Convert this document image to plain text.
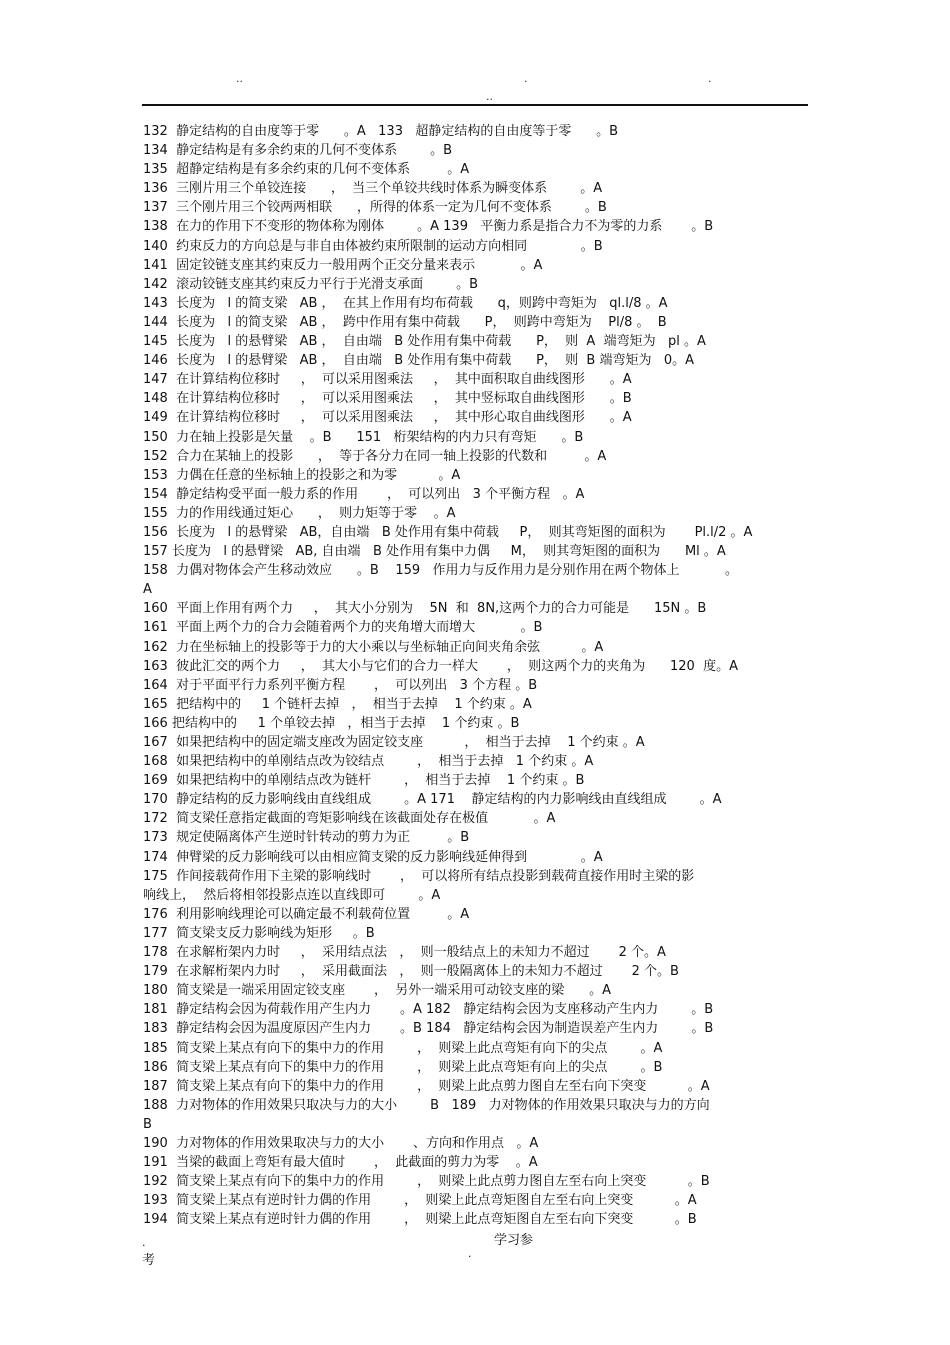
..	.	.
..
132  静定结构的自由度等于零      。A   133   超静定结构的自由度等于零      。B
134  静定结构是有多余约束的几何不变体系        。B
135  超静定结构是有多余约束的几何不变体系         。A
136  三刚片用三个单铰连接      ，  当三个单铰共线时体系为瞬变体系        。A
137  三个刚片用三个铰两两相联      ，所得的体系一定为几何不变体系        。B
138  在力的作用下不变形的物体称为刚体        。A 139   平衡力系是指合力不为零的力系       。B
140  约束反力的方向总是与非自由体被约束所限制的运动方向相同             。B
141  固定铰链支座其约束反力一般用两个正交分量来表示           。A
142  滚动铰链支座其约束反力平行于光滑支承面        。B
143  长度为   l 的简支梁   AB ，  在其上作用有均布荷载      q，则跨中弯矩为   ql.l/8 。A
144  长度为   l 的简支梁   AB ，  跨中作用有集中荷载      P，  则跨中弯矩为    Pl/8 。  B
145  长度为   l 的悬臂梁   AB ，  自由端   B 处作用有集中荷载      P，  则  A  端弯矩为   pl 。A
146  长度为   l 的悬臂梁   AB ，  自由端   B 处作用有集中荷载      P，  则  B 端弯矩为   0。A
147  在计算结构位移时     ，  可以采用图乘法     ，  其中面积取自曲线图形      。A
148  在计算结构位移时     ，  可以采用图乘法     ，  其中竖标取自曲线图形      。B
149  在计算结构位移时     ，  可以采用图乘法     ，  其中形心取自曲线图形      。A
150  力在轴上投影是矢量    。B      151   桁架结构的内力只有弯矩      。B
152  合力在某轴上的投影      ，  等于各分力在同一轴上投影的代数和         。A
153  力偶在任意的坐标轴上的投影之和为零          。A
154  静定结构受平面一般力系的作用       ，  可以列出   3 个平衡方程   。A
155  力的作用线通过矩心      ，  则力矩等于零    。A
156  长度为   l 的悬臂梁   AB，自由端   B 处作用有集中荷载     P，  则其弯矩图的面积为       Pl.l/2 。A
157 长度为   l 的悬臂梁   AB, 自由端   B 处作用有集中力偶     M，  则其弯矩图的面积为      Ml 。A
158  力偶对物体会产生移动效应      。B    159   作用力与反作用力是分别作用在两个物体上           。
A
160  平面上作用有两个力     ，  其大小分别为    5N  和  8N,这两个力的合力可能是      15N 。B
161  平面上两个力的合力会随着两个力的夹角增大而增大           。B
162  力在坐标轴上的投影等于力的大小乘以与坐标轴正向间夹角余弦          。A
163  彼此汇交的两个力     ，  其大小与它们的合力一样大       ，  则这两个力的夹角为      120  度。A
164  对于平面平行力系列平衡方程       ，  可以列出   3 个方程 。B
165  把结构中的     1 个链杆去掉   ，  相当于去掉    1 个约束 。A
166 把结构中的     1 个单铰去掉   ，相当于去掉    1 个约束 。B
167  如果把结构中的固定端支座改为固定铰支座          ，  相当于去掉    1 个约束 。A
168  如果把结构中的单刚结点改为铰结点        ，  相当于去掉   1 个约束 。A
169  如果把结构中的单刚结点改为链杆        ，  相当于去掉    1 个约束 。B
170  静定结构的反力影响线由直线组成        。A 171    静定结构的内力影响线由直线组成        。A
172  简支梁任意指定截面的弯矩影响线在该截面处存在极值           。A
173  规定使隔离体产生逆时针转动的剪力为正         。B
174  伸臂梁的反力影响线可以由相应简支梁的反力影响线延伸得到             。A
175  作间接载荷作用下主梁的影响线时       ，  可以将所有结点投影到载荷直接作用时主梁的影
响线上，  然后将相邻投影点连以直线即可        。A
176  利用影响线理论可以确定最不利载荷位置         。A
177  简支梁支反力影响线为矩形     。B
178  在求解桁架内力时     ，  采用结点法   ，  则一般结点上的未知力不超过       2 个。A
179  在求解桁架内力时     ，  采用截面法   ，  则一般隔离体上的未知力不超过       2 个。B
180  简支梁是一端采用固定铰支座       ，  另外一端采用可动铰支座的梁      。A
181  静定结构会因为荷载作用产生内力       。A 182   静定结构会因为支座移动产生内力        。B
183  静定结构会因为温度原因产生内力       。B 184   静定结构会因为制造误差产生内力        。B
185  简支梁上某点有向下的集中力的作用        ，  则梁上此点弯矩有向下的尖点        。A
186  简支梁上某点有向下的集中力的作用        ，  则梁上此点弯矩有向上的尖点        。B
187  简支梁上某点有向下的集中力的作用        ，  则梁上此点剪力图自左至右向下突变          。A
188  力对物体的作用效果只取决与力的大小        B   189   力对物体的作用效果只取决与力的方向
B
190  力对物体的作用效果取决与力的大小       、方向和作用点   。A
191  当梁的截面上弯矩有最大值时       ，  此截面的剪力为零    。A
192  简支梁上某点有向下的集中力的作用        ，  则梁上此点剪力图自左至右向上突变          。B
193  简支梁上某点有逆时针力偶的作用        ，  则梁上此点弯矩图自左至右向上突变          。A
194  简支梁上某点有逆时针力偶的作用        ，  则梁上此点弯矩图自左至右向下突变          。B
学习参
.
考	.
